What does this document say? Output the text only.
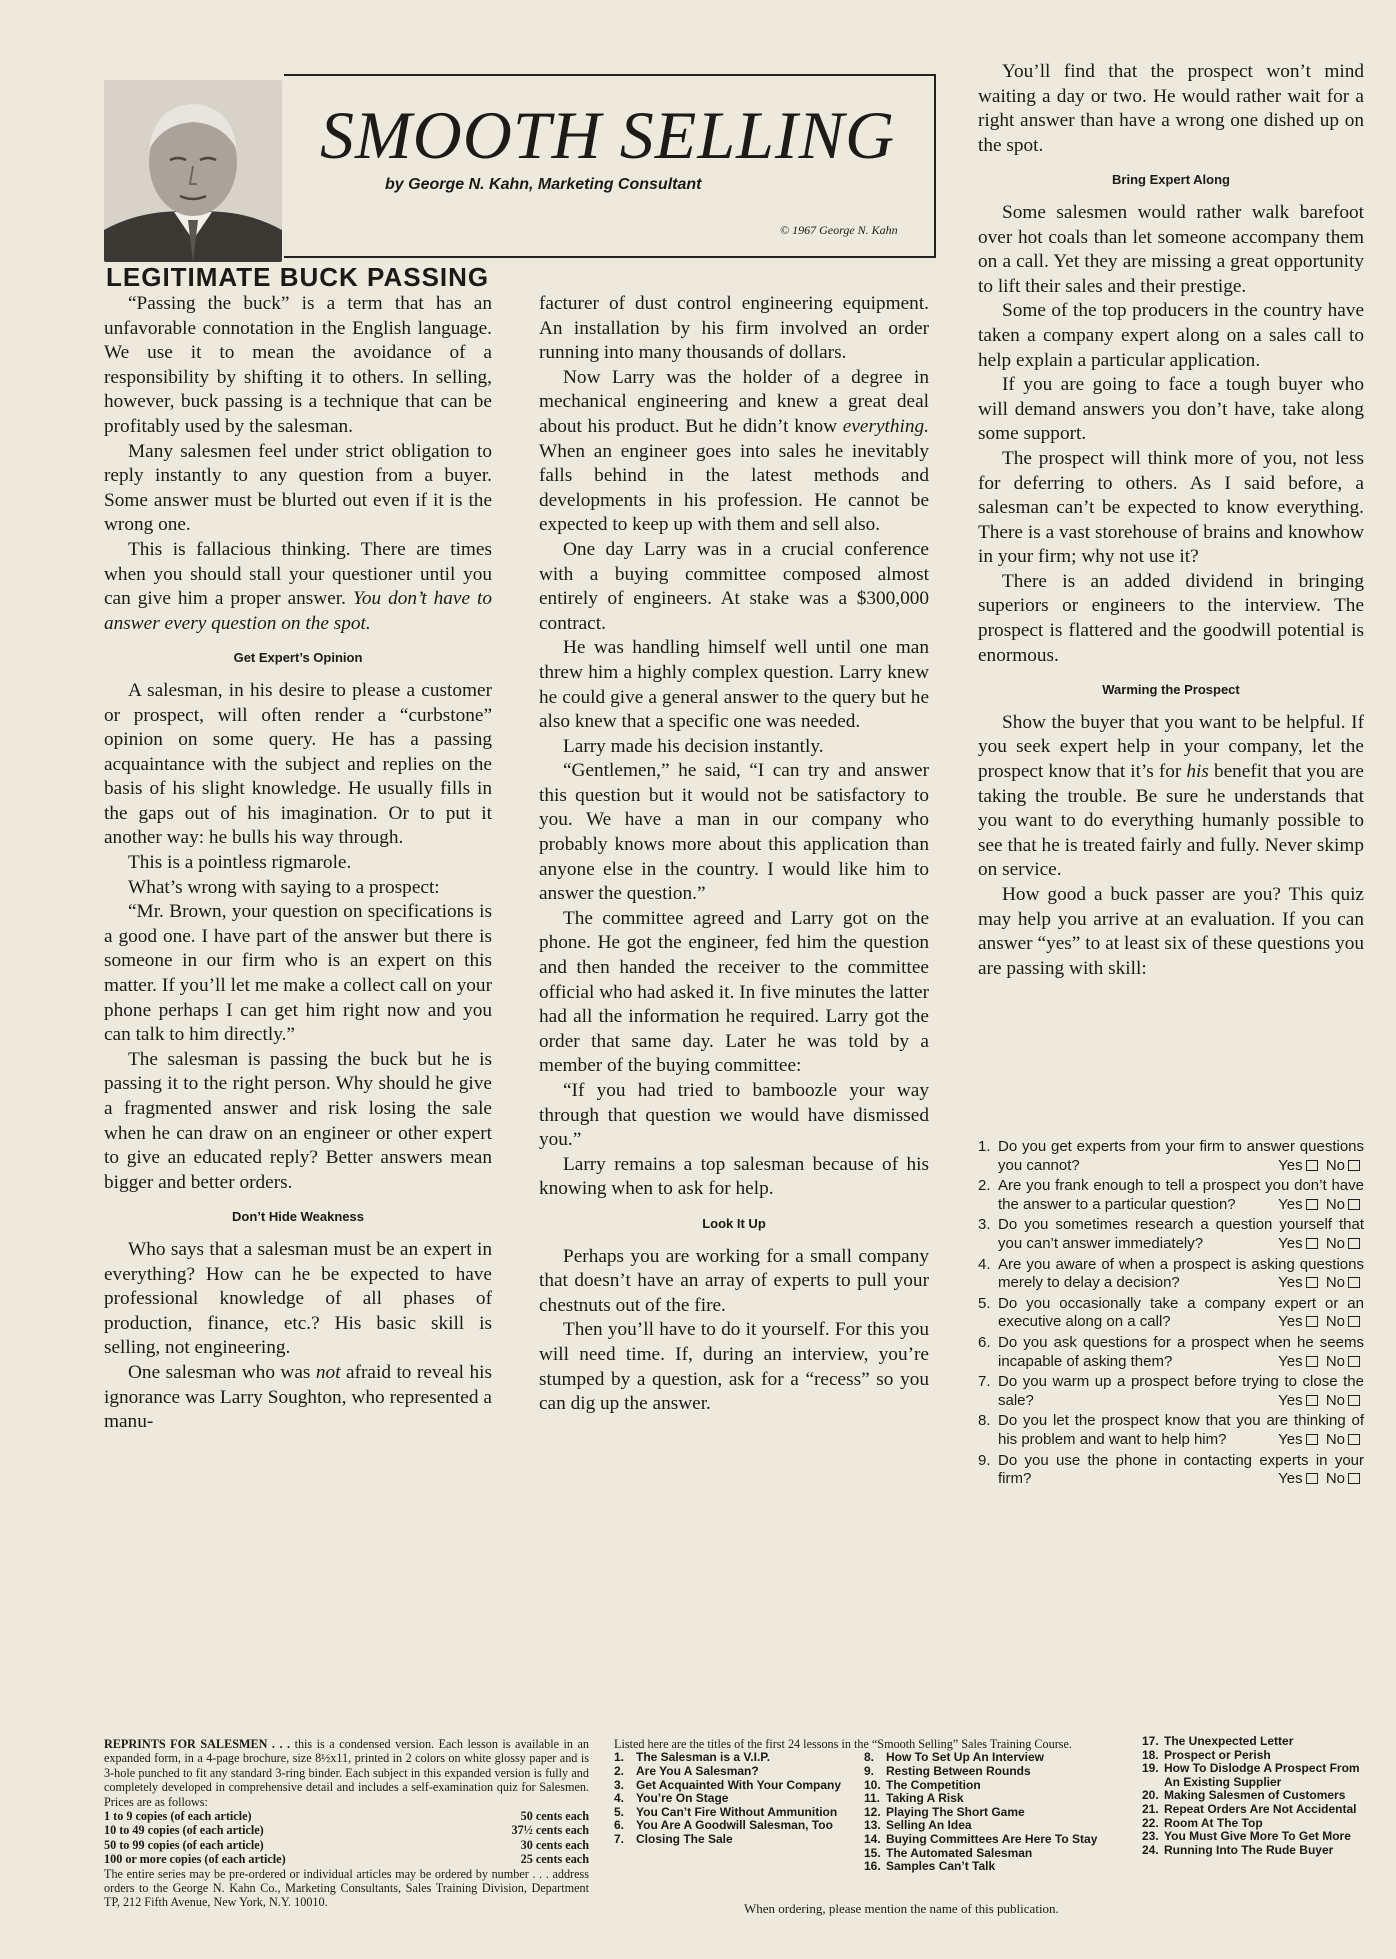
SMOOTH SELLING
by George N. Kahn, Marketing Consultant
© 1967 George N. Kahn
LEGITIMATE BUCK PASSING

“Passing the buck” is a term that has an unfavorable connotation in the English language. We use it to mean the avoidance of a responsibility by shifting it to others. In selling, however, buck passing is a technique that can be profitably used by the salesman.

Many salesmen feel under strict obligation to reply instantly to any question from a buyer. Some answer must be blurted out even if it is the wrong one.

This is fallacious thinking. There are times when you should stall your questioner until you can give him a proper answer. You don’t have to answer every question on the spot.

Get Expert’s Opinion

A salesman, in his desire to please a customer or prospect, will often render a “curbstone” opinion on some query. He has a passing acquaintance with the subject and replies on the basis of his slight knowledge. He usually fills in the gaps out of his imagination. Or to put it another way: he bulls his way through.

This is a pointless rigmarole.

What’s wrong with saying to a prospect:

“Mr. Brown, your question on specifications is a good one. I have part of the answer but there is someone in our firm who is an expert on this matter. If you’ll let me make a collect call on your phone perhaps I can get him right now and you can talk to him directly.”

The salesman is passing the buck but he is passing it to the right person. Why should he give a fragmented answer and risk losing the sale when he can draw on an engineer or other expert to give an educated reply? Better answers mean bigger and better orders.

Don’t Hide Weakness

Who says that a salesman must be an expert in everything? How can he be expected to have professional knowledge of all phases of production, finance, etc.? His basic skill is selling, not engineering.

One salesman who was not afraid to reveal his ignorance was Larry Soughton, who represented a manu-

facturer of dust control engineering equipment. An installation by his firm involved an order running into many thousands of dollars.

Now Larry was the holder of a degree in mechanical engineering and knew a great deal about his product. But he didn’t know everything. When an engineer goes into sales he inevitably falls behind in the latest methods and developments in his profession. He cannot be expected to keep up with them and sell also.

One day Larry was in a crucial conference with a buying committee composed almost entirely of engineers. At stake was a $300,000 contract.

He was handling himself well until one man threw him a highly complex question. Larry knew he could give a general answer to the query but he also knew that a specific one was needed.

Larry made his decision instantly.

“Gentlemen,” he said, “I can try and answer this question but it would not be satisfactory to you. We have a man in our company who probably knows more about this application than anyone else in the country. I would like him to answer the question.”

The committee agreed and Larry got on the phone. He got the engineer, fed him the question and then handed the receiver to the committee official who had asked it. In five minutes the latter had all the information he required. Larry got the order that same day. Later he was told by a member of the buying committee:

“If you had tried to bamboozle your way through that question we would have dismissed you.”

Larry remains a top salesman because of his knowing when to ask for help.

Look It Up

Perhaps you are working for a small company that doesn’t have an array of experts to pull your chestnuts out of the fire.

Then you’ll have to do it yourself. For this you will need time. If, during an interview, you’re stumped by a question, ask for a “recess” so you can dig up the answer.

You’ll find that the prospect won’t mind waiting a day or two. He would rather wait for a right answer than have a wrong one dished up on the spot.

Bring Expert Along

Some salesmen would rather walk barefoot over hot coals than let someone accompany them on a call. Yet they are missing a great opportunity to lift their sales and their prestige.

Some of the top producers in the country have taken a company expert along on a sales call to help explain a particular application.

If you are going to face a tough buyer who will demand answers you don’t have, take along some support.

The prospect will think more of you, not less for deferring to others. As I said before, a salesman can’t be expected to know everything. There is a vast storehouse of brains and knowhow in your firm; why not use it?

There is an added dividend in bringing superiors or engineers to the interview. The prospect is flattered and the goodwill potential is enormous.

Warming the Prospect

Show the buyer that you want to be helpful. If you seek expert help in your company, let the prospect know that it’s for his benefit that you are taking the trouble. Be sure he understands that you want to do everything humanly possible to see that he is treated fairly and fully. Never skimp on service.

How good a buck passer are you? This quiz may help you arrive at an evaluation. If you can answer “yes” to at least six of these questions you are passing with skill:

1. Do you get experts from your firm to answer questions you cannot?	Yes No
2. Are you frank enough to tell a prospect you don’t have the answer to a particular question?	Yes No
3. Do you sometimes research a question yourself that you can’t answer immediately?	Yes No
4. Are you aware of when a prospect is asking questions merely to delay a decision?	Yes No
5. Do you occasionally take a company expert or an executive along on a call?	Yes No
6. Do you ask questions for a prospect when he seems incapable of asking them?	Yes No
7. Do you warm up a prospect before trying to close the sale?	Yes No
8. Do you let the prospect know that you are thinking of his problem and want to help him?	Yes No
9. Do you use the phone in contacting experts in your firm?	Yes No
REPRINTS FOR SALESMEN . . . this is a condensed version. Each lesson is available in an expanded form, in a 4-page brochure, size 8½x11, printed in 2 colors on white glossy paper and is 3-hole punched to fit any standard 3-ring binder. Each subject in this expanded version is fully and completely developed in comprehensive detail and includes a self-examination quiz for Salesmen. Prices are as follows:
1 to 9 copies (of each article)	50 cents each
10 to 49 copies (of each article)	37½ cents each
50 to 99 copies (of each article)	30 cents each
100 or more copies (of each article)	25 cents each
The entire series may be pre-ordered or individual articles may be ordered by number . . . address orders to the George N. Kahn Co., Marketing Consultants, Sales Training Division, Department TP, 212 Fifth Avenue, New York, N.Y. 10010.
Listed here are the titles of the first 24 lessons in the “Smooth Selling” Sales Training Course.
1. The Salesman is a V.I.P.
2. Are You A Salesman?
3. Get Acquainted With Your Company
4. You’re On Stage
5. You Can’t Fire Without Ammunition
6. You Are A Goodwill Salesman, Too
7. Closing The Sale
8. How To Set Up An Interview
9. Resting Between Rounds
10. The Competition
11. Taking A Risk
12. Playing The Short Game
13. Selling An Idea
14. Buying Committees Are Here To Stay
15. The Automated Salesman
16. Samples Can’t Talk
17. The Unexpected Letter
18. Prospect or Perish
19. How To Dislodge A Prospect From An Existing Supplier
20. Making Salesmen of Customers
21. Repeat Orders Are Not Accidental
22. Room At The Top
23. You Must Give More To Get More
24. Running Into The Rude Buyer
When ordering, please mention the name of this publication.
